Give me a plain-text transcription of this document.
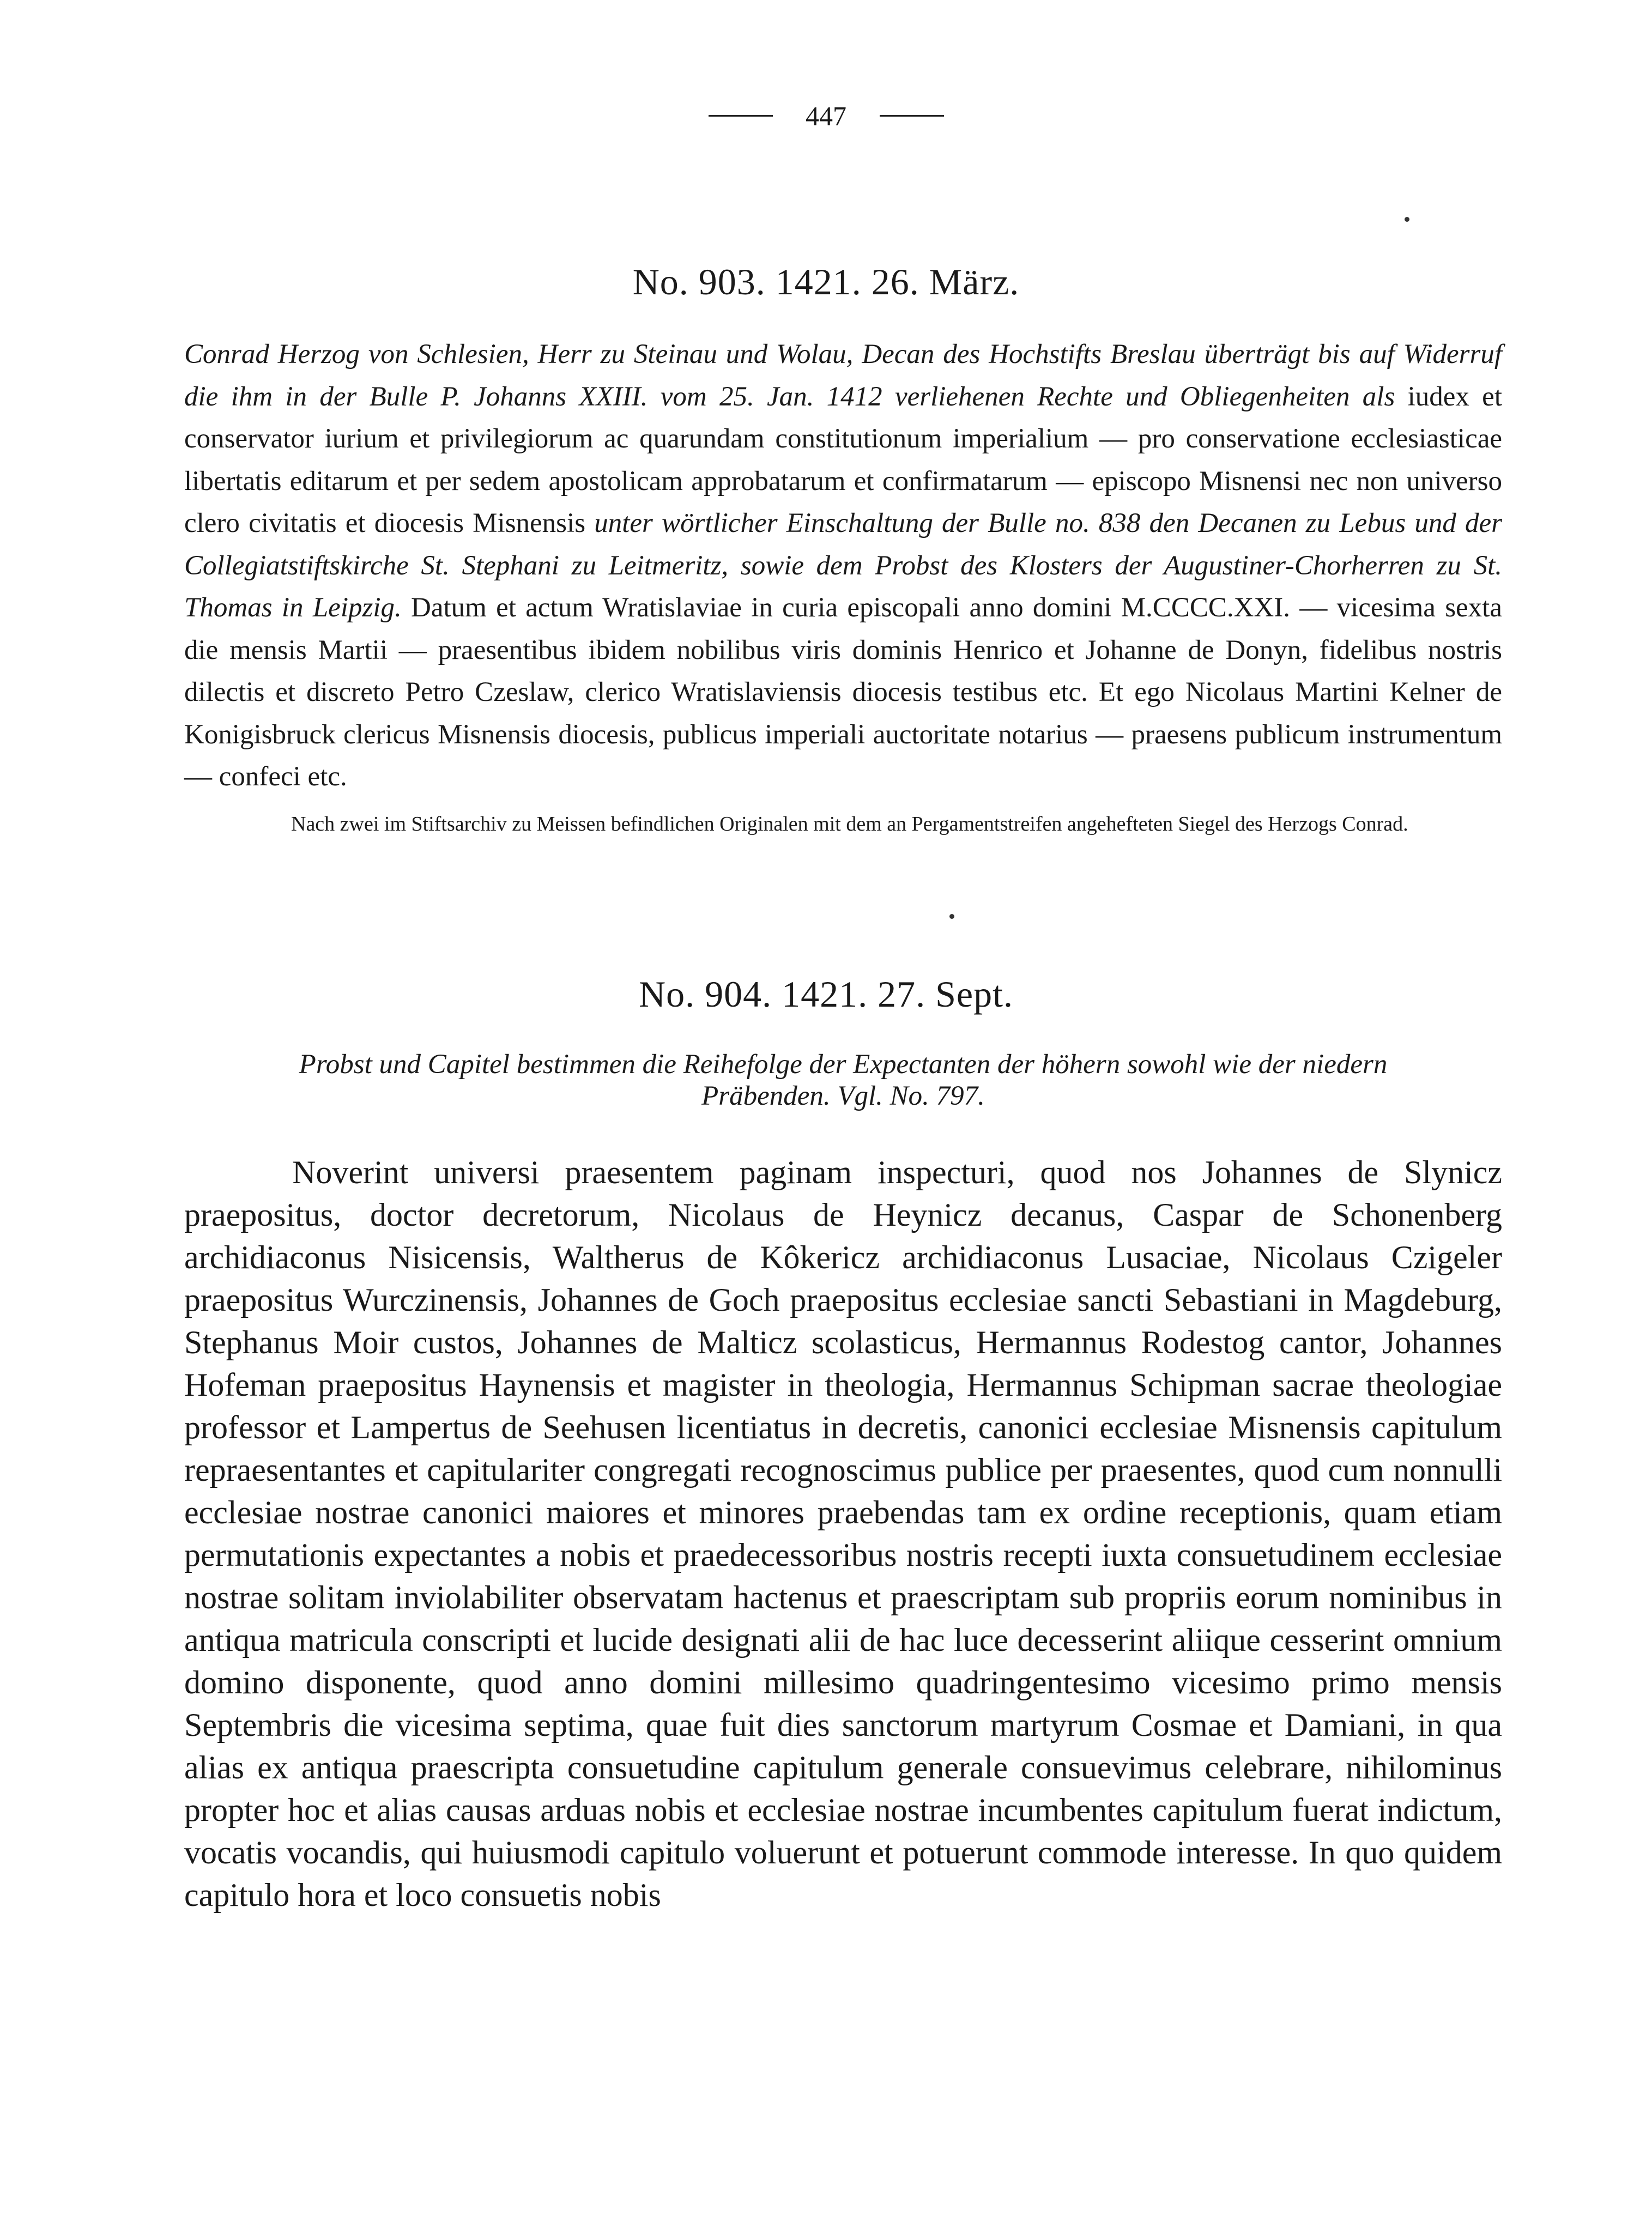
447
No. 903. 1421. 26. März.
Conrad Herzog von Schlesien, Herr zu Steinau und Wolau, Decan des Hochstifts Breslau überträgt bis auf Widerruf die ihm in der Bulle P. Johanns XXIII. vom 25. Jan. 1412 verliehenen Rechte und Obliegenheiten als iudex et conservator iurium et privilegiorum ac quarundam constitutionum imperialium — pro conservatione ecclesiasticae libertatis editarum et per sedem apostolicam approbatarum et confirmatarum — episcopo Misnensi nec non universo clero civitatis et diocesis Misnensis unter wörtlicher Einschaltung der Bulle no. 838 den Decanen zu Lebus und der Collegiatstiftskirche St. Stephani zu Leitmeritz, sowie dem Probst des Klosters der Augustiner-Chorherren zu St. Thomas in Leipzig. Datum et actum Wratislaviae in curia episcopali anno domini M.CCCC.XXI. — vicesima sexta die mensis Martii — praesentibus ibidem nobilibus viris dominis Henrico et Johanne de Donyn, fidelibus nostris dilectis et discreto Petro Czeslaw, clerico Wratislaviensis diocesis testibus etc. Et ego Nicolaus Martini Kelner de Konigisbruck clericus Misnensis diocesis, publicus imperiali auctoritate notarius — praesens publicum instrumentum — confeci etc.
Nach zwei im Stiftsarchiv zu Meissen befindlichen Originalen mit dem an Pergamentstreifen angehefteten Siegel des Herzogs Conrad.
No. 904. 1421. 27. Sept.
Probst und Capitel bestimmen die Reihefolge der Expectanten der höhern sowohl wie der niedern
Präbenden. Vgl. No. 797.
Noverint universi praesentem paginam inspecturi, quod nos Johannes de Slynicz praepositus, doctor decretorum, Nicolaus de Heynicz decanus, Caspar de Schonenberg archidiaconus Nisicensis, Waltherus de Kôkericz archidiaconus Lusaciae, Nicolaus Czigeler praepositus Wurczinensis, Johannes de Goch praepositus ecclesiae sancti Sebastiani in Magdeburg, Stephanus Moir custos, Johannes de Malticz scolasticus, Hermannus Rodestog cantor, Johannes Hofeman praepositus Haynensis et magister in theologia, Hermannus Schipman sacrae theologiae professor et Lampertus de Seehusen licentiatus in decretis, canonici ecclesiae Misnensis capitulum repraesentantes et capitulariter congregati recognoscimus publice per praesentes, quod cum nonnulli ecclesiae nostrae canonici maiores et minores praebendas tam ex ordine receptionis, quam etiam permutationis expectantes a nobis et praedecessoribus nostris recepti iuxta consuetudinem ecclesiae nostrae solitam inviolabiliter observatam hactenus et praescriptam sub propriis eorum nominibus in antiqua matricula conscripti et lucide designati alii de hac luce decesserint aliique cesserint omnium domino disponente, quod anno domini millesimo quadringentesimo vicesimo primo mensis Septembris die vicesima septima, quae fuit dies sanctorum martyrum Cosmae et Damiani, in qua alias ex antiqua praescripta consuetudine capitulum generale consuevimus celebrare, nihilominus propter hoc et alias causas arduas nobis et ecclesiae nostrae incumbentes capitulum fuerat indictum, vocatis vocandis, qui huiusmodi capitulo voluerunt et potuerunt commode interesse. In quo quidem capitulo hora et loco consuetis nobis
